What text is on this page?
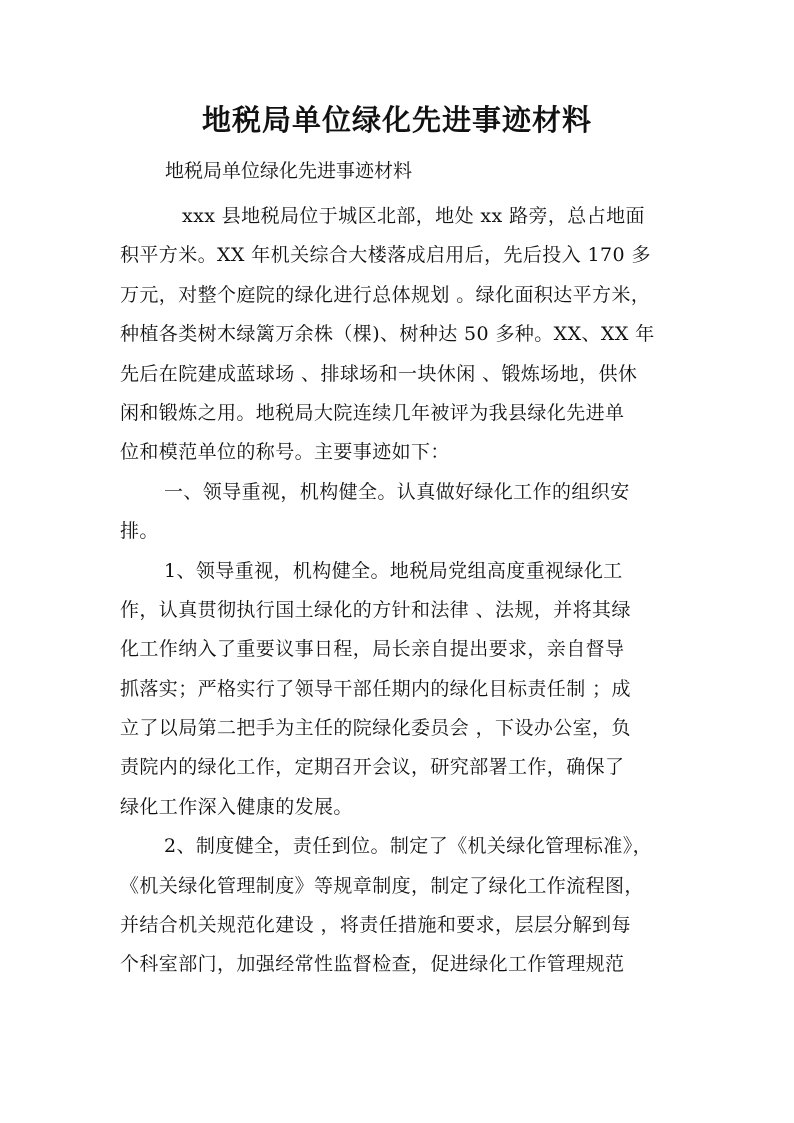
地税局单位绿化先进事迹材料
地税局单位绿化先进事迹材料
xxx 县地税局位于城区北部，地处 xx 路旁，总占地面
积平方米。XX 年机关综合大楼落成启用后，先后投入 170 多
万元，对整个庭院的绿化进行总体规划 。绿化面积达平方米，
种植各类树木绿篱万余株（棵)、树种达 50 多种。XX、XX 年
先后在院建成蓝球场 、排球场和一块休闲 、锻炼场地，供休
闲和锻炼之用。地税局大院连续几年被评为我县绿化先进单
位和模范单位的称号。主要事迹如下：
一、领导重视，机构健全。认真做好绿化工作的组织安
排。
1、领导重视，机构健全。地税局党组高度重视绿化工
作，认真贯彻执行国土绿化的方针和法律 、法规，并将其绿
化工作纳入了重要议事日程，局长亲自提出要求，亲自督导
抓落实；严格实行了领导干部任期内的绿化目标责任制 ；成
立了以局第二把手为主任的院绿化委员会 ，下设办公室，负
责院内的绿化工作，定期召开会议，研究部署工作，确保了
绿化工作深入健康的发展。
2、制度健全，责任到位。制定了《机关绿化管理标准》，
《机关绿化管理制度》等规章制度，制定了绿化工作流程图，
并结合机关规范化建设 ，将责任措施和要求，层层分解到每
个科室部门，加强经常性监督检查，促进绿化工作管理规范
